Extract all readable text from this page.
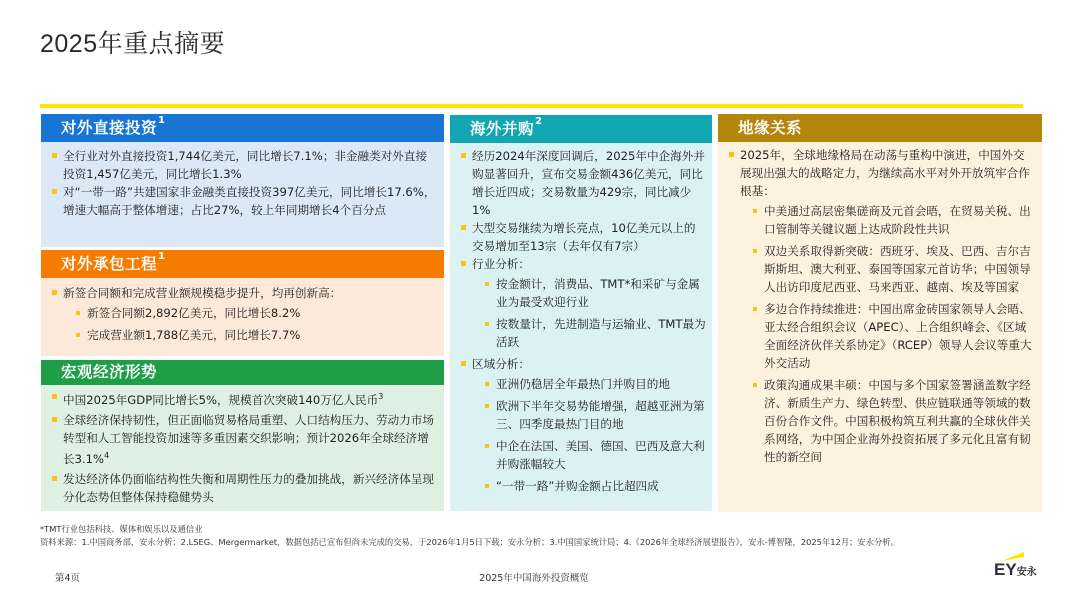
2025年重点摘要
对外直接投资$^1$
全行业对外直接投资1,744亿美元，同比增长7.1%；非金融类对外直接投资1,457亿美元，同比增长1.3%
对“一带一路”共建国家非金融类直接投资397亿美元，同比增长17.6%，增速大幅高于整体增速；占比27%，较上年同期增长4个百分点
对外承包工程$^1$
新签合同额和完成营业额规模稳步提升，均再创新高：
新签合同额2,892亿美元，同比增长8.2%
完成营业额1,788亿美元，同比增长7.7%
宏观经济形势
中国2025年GDP同比增长5%，规模首次突破140万亿人民币$^3$
全球经济保持韧性，但正面临贸易格局重塑、人口结构压力、劳动力市场转型和人工智能投资加速等多重因素交织影响；预计2026年全球经济增长3.1%$^4$
发达经济体仍面临结构性失衡和周期性压力的叠加挑战，新兴经济体呈现分化态势但整体保持稳健势头
海外并购$^2$
经历2024年深度回调后，2025年中企海外并购显著回升，宣布交易金额436亿美元，同比增长近四成；交易数量为429宗，同比减少1%
大型交易继续为增长亮点，10亿美元以上的交易增加至13宗（去年仅有7宗）
行业分析：
按金额计，消费品、TMT*和采矿与金属业为最受欢迎行业
按数量计，先进制造与运输业、TMT最为活跃
区域分析：
亚洲仍稳居全年最热门并购目的地
欧洲下半年交易势能增强，超越亚洲为第三、四季度最热门目的地
中企在法国、美国、德国、巴西及意大利并购涨幅较大
“一带一路”并购金额占比超四成
地缘关系
2025年，全球地缘格局在动荡与重构中演进，中国外交展现出强大的战略定力，为继续高水平对外开放筑牢合作根基：
中美通过高层密集磋商及元首会晤，在贸易关税、出口管制等关键议题上达成阶段性共识
双边关系取得新突破：西班牙、埃及、巴西、吉尔吉斯斯坦、澳大利亚、泰国等国家元首访华；中国领导人出访印度尼西亚、马来西亚、越南、埃及等国家
多边合作持续推进：中国出席金砖国家领导人会晤、亚太经合组织会议（APEC）、上合组织峰会、《区域全面经济伙伴关系协定》（RCEP）领导人会议等重大外交活动
政策沟通成果丰硕：中国与多个国家签署涵盖数字经济、新质生产力、绿色转型、供应链联通等领域的数百份合作文件。中国积极构筑互利共赢的全球伙伴关系网络，为中国企业海外投资拓展了多元化且富有韧性的新空间
*TMT行业包括科技、媒体和娱乐以及通信业
资料来源：1.中国商务部，安永分析；2.LSEG、Mergermarket，数据包括已宣布但尚未完成的交易，于2026年1月5日下载；安永分析；3.中国国家统计局；4.《2026年全球经济展望报告》，安永-博智隆，2025年12月；安永分析。
第4页	2025年中国海外投资概览	EY安永
